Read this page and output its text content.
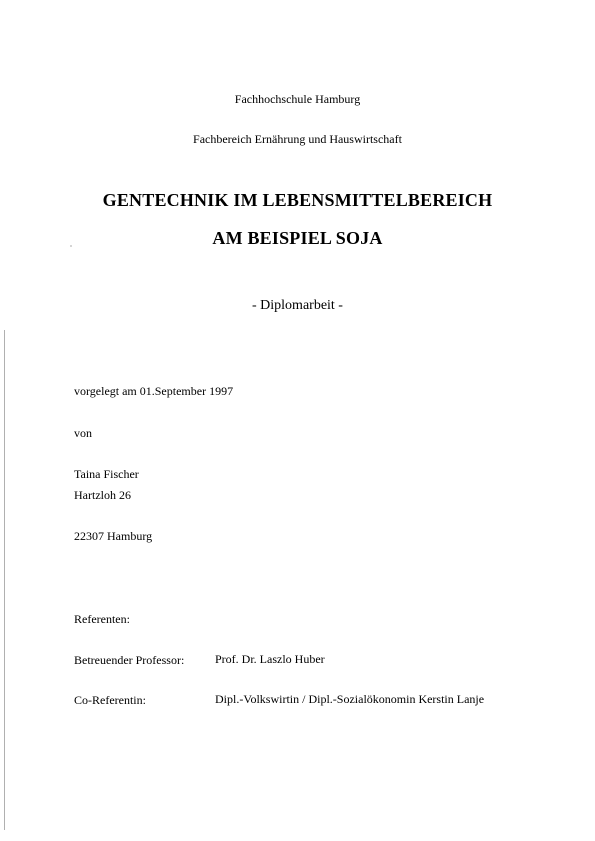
Fachhochschule Hamburg
Fachbereich Ernährung und Hauswirtschaft
GENTECHNIK IM LEBENSMITTELBEREICH
AM BEISPIEL SOJA
- Diplomarbeit -
vorgelegt am 01.September 1997
von
Taina Fischer
Hartzloh 26
22307 Hamburg
Referenten:
Betreuender Professor:	Prof. Dr. Laszlo Huber
Co-Referentin:	Dipl.-Volkswirtin / Dipl.-Sozialökonomin Kerstin Lanje
